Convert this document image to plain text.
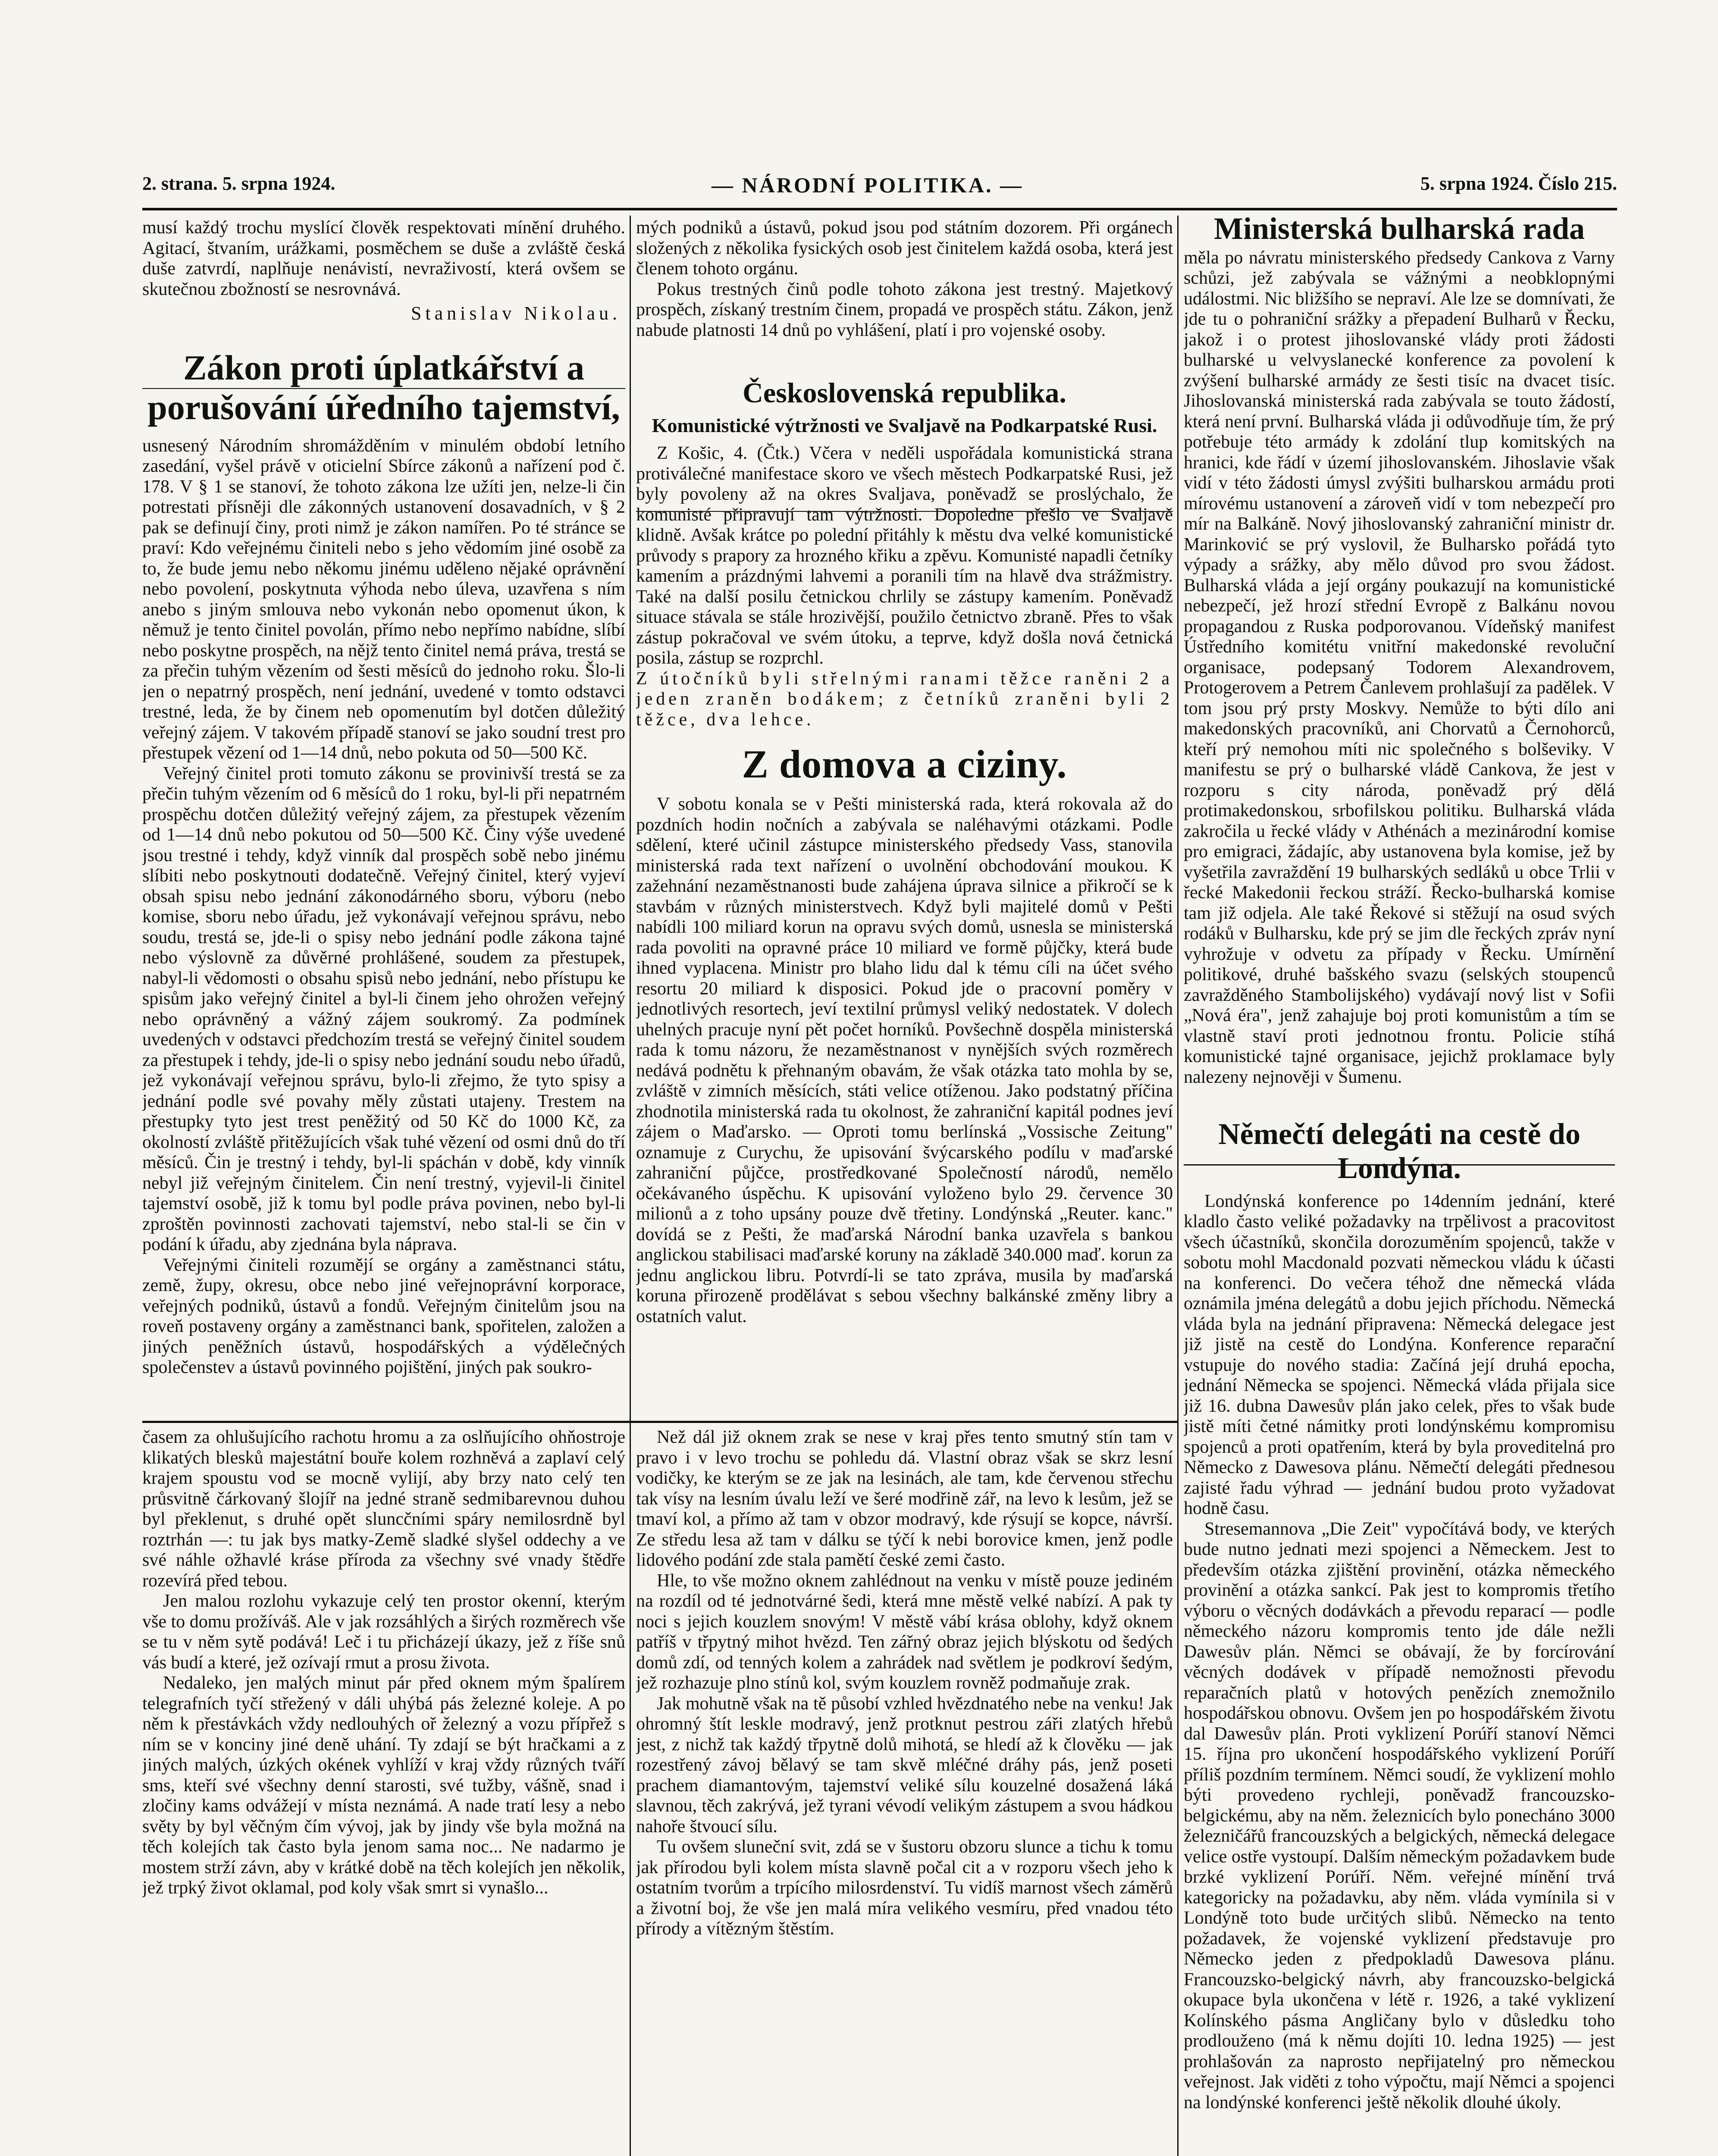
2. strana. 5. srpna 1924.	— NÁRODNÍ POLITIKA. —	5. srpna 1924. Číslo 215.

musí každý trochu myslící člověk respektovati mínění druhého. Agitací, štvaním, urážkami, posměchem se duše a zvláště česká duše zatvrdí, naplňuje nenávistí, nevraživostí, která ovšem se skutečnou zbožností se nesrovnává.

Stanislav Nikolau.
Zákon proti úplatkářství a porušování úředního tajemství,

usnesený Národním shromážděním v minulém období letního zasedání, vyšel právě v oticielní Sbírce zákonů a nařízení pod č. 178. V § 1 se stanoví, že tohoto zákona lze užíti jen, nelze-li čin potrestati přísněji dle zákonných ustanovení dosavadních, v § 2 pak se definují činy, proti nimž je zákon namířen. Po té stránce se praví: Kdo veřejnému činiteli nebo s jeho vědomím jiné osobě za to, že bude jemu nebo někomu jinému uděleno nějaké oprávnění nebo povolení, poskytnuta výhoda nebo úleva, uzavřena s ním anebo s jiným smlouva nebo vykonán nebo opomenut úkon, k němuž je tento činitel povolán, přímo nebo nepřímo nabídne, slíbí nebo poskytne prospěch, na nějž tento činitel nemá práva, trestá se za přečin tuhým vězením od šesti měsíců do jednoho roku. Šlo-li jen o nepatrný prospěch, není jednání, uvedené v tomto odstavci trestné, leda, že by činem neb opomenutím byl dotčen důležitý veřejný zájem. V takovém případě stanoví se jako soudní trest pro přestupek vězení od 1—14 dnů, nebo pokuta od 50—500 Kč.

Veřejný činitel proti tomuto zákonu se provinivší trestá se za přečin tuhým vězením od 6 měsíců do 1 roku, byl-li při nepatrném prospěchu dotčen důležitý veřejný zájem, za přestupek vězením od 1—14 dnů nebo pokutou od 50—500 Kč. Činy výše uvedené jsou trestné i tehdy, když vinník dal prospěch sobě nebo jinému slíbiti nebo poskytnouti dodatečně. Veřejný činitel, který vyjeví obsah spisu nebo jednání zákonodárného sboru, výboru (nebo komise, sboru nebo úřadu, jež vykonávají veřejnou správu, nebo soudu, trestá se, jde-li o spisy nebo jednání podle zákona tajné nebo výslovně za důvěrné prohlášené, soudem za přestupek, nabyl-li vědomosti o obsahu spisů nebo jednání, nebo přístupu ke spisům jako veřejný činitel a byl-li činem jeho ohrožen veřejný nebo oprávněný a vážný zájem soukromý. Za podmínek uvedených v odstavci předchozím trestá se veřejný činitel soudem za přestupek i tehdy, jde-li o spisy nebo jednání soudu nebo úřadů, jež vykonávají veřejnou správu, bylo-li zřejmo, že tyto spisy a jednání podle své povahy měly zůstati utajeny. Trestem na přestupky tyto jest trest peněžitý od 50 Kč do 1000 Kč, za okolností zvláště přitěžujících však tuhé vězení od osmi dnů do tří měsíců. Čin je trestný i tehdy, byl-li spáchán v době, kdy vinník nebyl již veřejným činitelem. Čin není trestný, vyjevil-li činitel tajemství osobě, již k tomu byl podle práva povinen, nebo byl-li zproštěn povinnosti zachovati tajemství, nebo stal-li se čin v podání k úřadu, aby zjednána byla náprava.

Veřejnými činiteli rozumějí se orgány a zaměstnanci státu, země, župy, okresu, obce nebo jiné veřejnoprávní korporace, veřejných podniků, ústavů a fondů. Veřejným činitelům jsou na roveň postaveny orgány a zaměstnanci bank, spořitelen, založen a jiných peněžních ústavů, hospodářských a výdělečných společenstev a ústavů povinného pojištění, jiných pak soukro-

časem za ohlušujícího rachotu hromu a za oslňujícího ohňostroje klikatých blesků majestátní bouře kolem rozhněvá a zaplaví celý krajem spoustu vod se mocně vylijí, aby brzy nato celý ten průsvitně čárkovaný šlojíř na jedné straně sedmibarevnou duhou byl překlenut, s druhé opět sluncčními spáry nemilosrdně byl roztrhán —: tu jak bys matky-Země sladké slyšel oddechy a ve své náhle ožhavlé kráse přírodа za všechny své vnady štědře rozevírá před tebou.

Jen malou rozlohu vykazuje celý ten prostor okenní, kterým vše to domu prožíváš. Ale v jak rozsáhlých a širých rozměrech vše se tu v něm sytě podává! Leč i tu přicházejí úkazy, jež z říše snů vás budí a které, jež ozívají rmut a prosu života.

Nedaleko, jen malých minut pár před oknem mým špalírem telegrafních tyčí střežený v dáli uhýbá pás železné koleje. A po něm k přestávkách vždy nedlouhých oř železný a vozu přípřež s ním se v konciny jiné deně uhání. Ty zdají se být hračkami a z jiných malých, úzkých okének vyhlíží v kraj vždy různých tváří sms, kteří své všechny denní starosti, své tužby, vášně, snad i zločiny kams odvážejí v místa neznámá. A nade tratí lesy a nebo světy by byl věčným čím vývoj, jak by jindy vše byla možná na těch kolejích tak často byla jenom sama noc... Ne nadarmo je mostem strží závn, aby v krátké době na těch kolejích jen několik, jež trpký život oklamal, pod koly však smrt si vynašlo...

mých podniků a ústavů, pokud jsou pod státním dozorem. Při orgánech složených z několika fysických osob jest činitelem každá osoba, která jest členem tohoto orgánu.

Pokus trestných činů podle tohoto zákona jest trestný. Majetkový prospěch, získaný trestním činem, propadá ve prospěch státu. Zákon, jenž nabude platnosti 14 dnů po vyhlášení, platí i pro vojenské osoby.

Československá republika.
Komunistické výtržnosti ve Svaljavě na Podkarpatské Rusi.

Z Košic, 4. (Čtk.) Včera v neděli uspořádala komunistická strana protiválečné manifestace skoro ve všech městech Podkarpatské Rusi, jež byly povoleny až na okres Svaljava, poněvadž se proslýchalo, že komunisté připravují tam výtržnosti. Dopoledne přešlo ve Svaljavě klidně. Avšak krátce po polední přitáhly k městu dva velké komunistické průvody s prapory za hrozného křiku a zpěvu. Komunisté napadli četníky kamením a prázdnými lahvemi a poranili tím na hlavě dva strážmistry. Také na další posilu četnickou chrlily se zástupy kamením. Poněvadž situace stávala se stále hrozivější, použilo četnictvo zbraně. Přes to však zástup pokračoval ve svém útoku, a teprve, když došla nová četnická posila, zástup se rozprchl.

Z útočníků byli střelnými ranami těžce raněni 2 a jeden zraněn bodákem; z četníků zraněni byli 2 těžce, dva lehce.

Z domova a ciziny.

V sobotu konala se v Pešti ministerská rada, která rokovala až do pozdních hodin nočních a zabývala se naléhavými otázkami. Podle sdělení, které učinil zástupce ministerského předsedy Vass, stanovila ministerská rada text nařízení o uvolnění obchodování moukou. K zažehnání nezaměstnanosti bude zahájena úprava silnice a přikročí se k stavbám v různých ministerstvech. Když byli majitelé domů v Pešti nabídli 100 miliard korun na opravu svých domů, usnesla se ministerská rada povoliti na opravné práce 10 miliard ve formě půjčky, která bude ihned vyplacena. Ministr pro blaho lidu dal k tému cíli na účet svého resortu 20 miliard k disposici. Pokud jde o pracovní poměry v jednotlivých resortech, jeví textilní průmysl veliký nedostatek. V dolech uhelných pracuje nyní pět počet horníků. Povšechně dospěla ministerská rada k tomu názoru, že nezaměstnanost v nynějších svých rozměrech nedává podnětu k přehnaným obavám, že však otázka tato mohla by se, zvláště v zimních měsících, státi velice otíženou. Jako podstatný příčina zhodnotila ministerská rada tu okolnost, že zahraniční kapitál podnes jeví zájem o Maďarsko. — Oproti tomu berlínská „Vossische Zeitung" oznamuje z Curychu, že upisování švýcarského podílu v maďarské zahraniční půjčce, prostředkované Společností národů, nemělo očekávaného úspěchu. K upisování vyloženo bylo 29. července 30 milionů a z toho upsány pouze dvě třetiny. Londýnská „Reuter. kanc." dovídá se z Pešti, že maďarská Národní banka uzavřela s bankou anglickou stabilisaci maďarské koruny na základě 340.000 maď. korun za jednu anglickou libru. Potvrdí-li se tato zpráva, musila by maďarská koruna přirozeně prodělávat s sebou všechny balkánské změny libry a ostatních valut.

Než dál již oknem zrak se nese v kraj přes tento smutný stín tam v pravo i v levo trochu se pohledu dá. Vlastní obraz však se skrz lesní vodičky, ke kterým se ze jak na lesinách, ale tam, kde červenou střechu tak vísy na lesním úvalu leží ve šeré modřině zář, na levo k lesům, jež se tmaví kol, a přímo až tam v obzor modravý, kde rýsují se kopce, návrší. Ze středu lesa až tam v dálku se týčí k nebi borovice kmen, jenž podle lidového podání zde stala pamětí české zemi často.

Hle, to vše možno oknem zahlédnout na venku v místě pouze jediném na rozdíl od té jednotvárné šedi, která mne městě velké nabízí. A pak ty noci s jejich kouzlem snovým! V městě vábí krása oblohy, když oknem patříš v třpytný mihot hvězd. Ten zářný obraz jejich blýskotu od šedých domů zdí, od tenných kolem a zahrádek nad světlem je podkroví šedým, jež rozhazuje plno stínů kol, svým kouzlem rovněž podmaňuje zrak.

Jak mohutně však na tě působí vzhled hvězdnatého nebe na venku! Jak ohromný štít leskle modravý, jenž protknut pestrou záři zlatých hřebů jest, z nichž tak každý třpytně dolů mihotá, se hledí až k člověku — jak rozestřený závoj bělavý se tam skvě mléčné dráhy pás, jenž poseti prachem diamantovým, tajemství veliké sílu kouzelné dosažená láká slavnou, těch zakrývá, jež tyrani vévodí velikým zástupem a svou hádkou nahoře štvoucí sílu.

Tu ovšem sluneční svit, zdá se v šustoru obzoru slunce a tichu k tomu jak přírodou byli kolem místa slavně počal cit a v rozporu všech jeho k ostatním tvorům a trpícího milosrdenství. Tu vidíš marnost všech záměrů a životní boj, že vše jen malá míra velikého vesmíru, před vnadou této přírody a vítězným štěstím.

Ministerská bulharská rada

měla po návratu ministerského předsedy Cankova z Varny schůzi, jež zabývala se vážnými a neobklopnými událostmi. Nic bližšího se nepraví. Ale lze se domnívati, že jde tu o pohraniční srážky a přepadení Bulharů v Řecku, jakož i o protest jihoslovanské vlády proti žádosti bulharské u velvyslanecké konference za povolení k zvýšení bulharské armády ze šesti tisíc na dvacet tisíc. Jihoslovanská ministerská rada zabývala se touto žádostí, která není první. Bulharská vláda ji odůvodňuje tím, že prý potřebuje této armády k zdolání tlup komitských na hranici, kde řádí v území jihoslovanském. Jihoslavie však vidí v této žádosti úmysl zvýšiti bulharskou armádu proti mírovému ustanovení a zároveň vidí v tom nebezpečí pro mír na Balkáně. Nový jihoslovanský zahraniční ministr dr. Marinković se prý vyslovil, že Bulharsko pořádá tyto výpady a srážky, aby mělo důvod pro svou žádost. Bulharská vláda a její orgány poukazují na komunistické nebezpečí, jež hrozí střední Evropě z Balkánu novou propagandou z Ruska podporovanou. Vídeňský manifest Ústředního komitétu vnitřní makedonské revoluční organisace, podepsaný Todorem Alexandrovem, Protogerovem a Petrem Čanlevem prohlašují za padělek. V tom jsou prý prsty Moskvy. Nemůže to býti dílo ani makedonských pracovníků, ani Chorvatů a Černohorců, kteří prý nemohou míti nic společného s bolševiky. V manifestu se prý o bulharské vládě Cankova, že jest v rozporu s city národa, poněvadž prý dělá protimakedonskou, srbofilskou politiku. Bulharská vláda zakročila u řecké vlády v Athénách a mezinárodní komise pro emigraci, žádajíc, aby ustanovena byla komise, jež by vyšetřila zavraždění 19 bulharských sedláků u obce Trlii v řecké Makedonii řeckou stráží. Řecko-bulharská komise tam již odjela. Ale také Řekové si stěžují na osud svých rodáků v Bulharsku, kde prý se jim dle řeckých zpráv nyní vyhrožuje v odvetu za případy v Řecku. Umírnění politikové, druhé bašského svazu (selských stoupenců zavražděného Stambolijského) vydávají nový list v Sofii „Nová éra", jenž zahajuje boj proti komunistům a tím se vlastně staví proti jednotnou frontu. Policie stíhá komunistické tajné organisace, jejichž proklamace byly nalezeny nejnověji v Šumenu.

Němečtí delegáti na cestě do Londýna.

Londýnská konference po 14denním jednání, které kladlo často veliké požadavky na trpělivost a pracovitost všech účastníků, skončila dorozuměním spojenců, takže v sobotu mohl Macdonald pozvati německou vládu k účasti na konferenci. Do večera téhož dne německá vláda oznámila jména delegátů a dobu jejich příchodu. Německá vláda byla na jednání připravena: Německá delegace jest již jistě na cestě do Londýna. Konference reparační vstupuje do nového stadia: Začíná její druhá epocha, jednání Německa se spojenci. Německá vláda přijala sice již 16. dubna Dawesův plán jako celek, přes to však bude jistě míti četné námitky proti londýnskému kompromisu spojenců a proti opatřením, která by byla proveditelná pro Německo z Dawesova plánu. Němečtí delegáti přednesou zajisté řadu výhrad — jednání budou proto vyžadovat hodně času.

Stresemannova „Die Zeit" vypočítává body, ve kterých bude nutno jednati mezi spojenci a Německem. Jest to především otázka zjištění provinění, otázka německého provinění a otázka sankcí. Pak jest to kompromis třetího výboru o věcných dodávkách a převodu reparací — podle německého názoru kompromis tento jde dále nežli Dawesův plán. Němci se obávají, že by forcírování věcných dodávek v případě nemožnosti převodu reparačních platů v hotových penězích znemožnilo hospodářskou obnovu. Ovšem jen po hospodářském životu dal Dawesův plán. Proti vyklizení Porúří stanoví Němci 15. října pro ukončení hospodářského vyklizení Porúří příliš pozdním termínem. Němci soudí, že vyklizení mohlo býti provedeno rychleji, poněvadž francouzsko-belgickému, aby na něm. železnicích bylo ponecháno 3000 železničářů francouzských a belgických, německá delegace velice ostře vystoupí. Dalším německým požadavkem bude brzké vyklizení Porúří. Něm. veřejné mínění trvá kategoricky na požadavku, aby něm. vláda vymínila si v Londýně toto bude určitých slibů. Německo na tento požadavek, že vojenské vyklizení představuje pro Německo jeden z předpokladů Dawesova plánu. Francouzsko-belgický návrh, aby francouzsko-belgická okupace byla ukončena v létě r. 1926, a také vyklizení Kolínského pásma Angličany bylo v důsledku toho prodlouženo (má k němu dojíti 10. ledna 1925) — jest prohlašován za naprosto nepřijatelný pro německou veřejnost. Jak viděti z toho výpočtu, mají Němci a spojenci na londýnské konferenci ještě několik dlouhé úkoly.
